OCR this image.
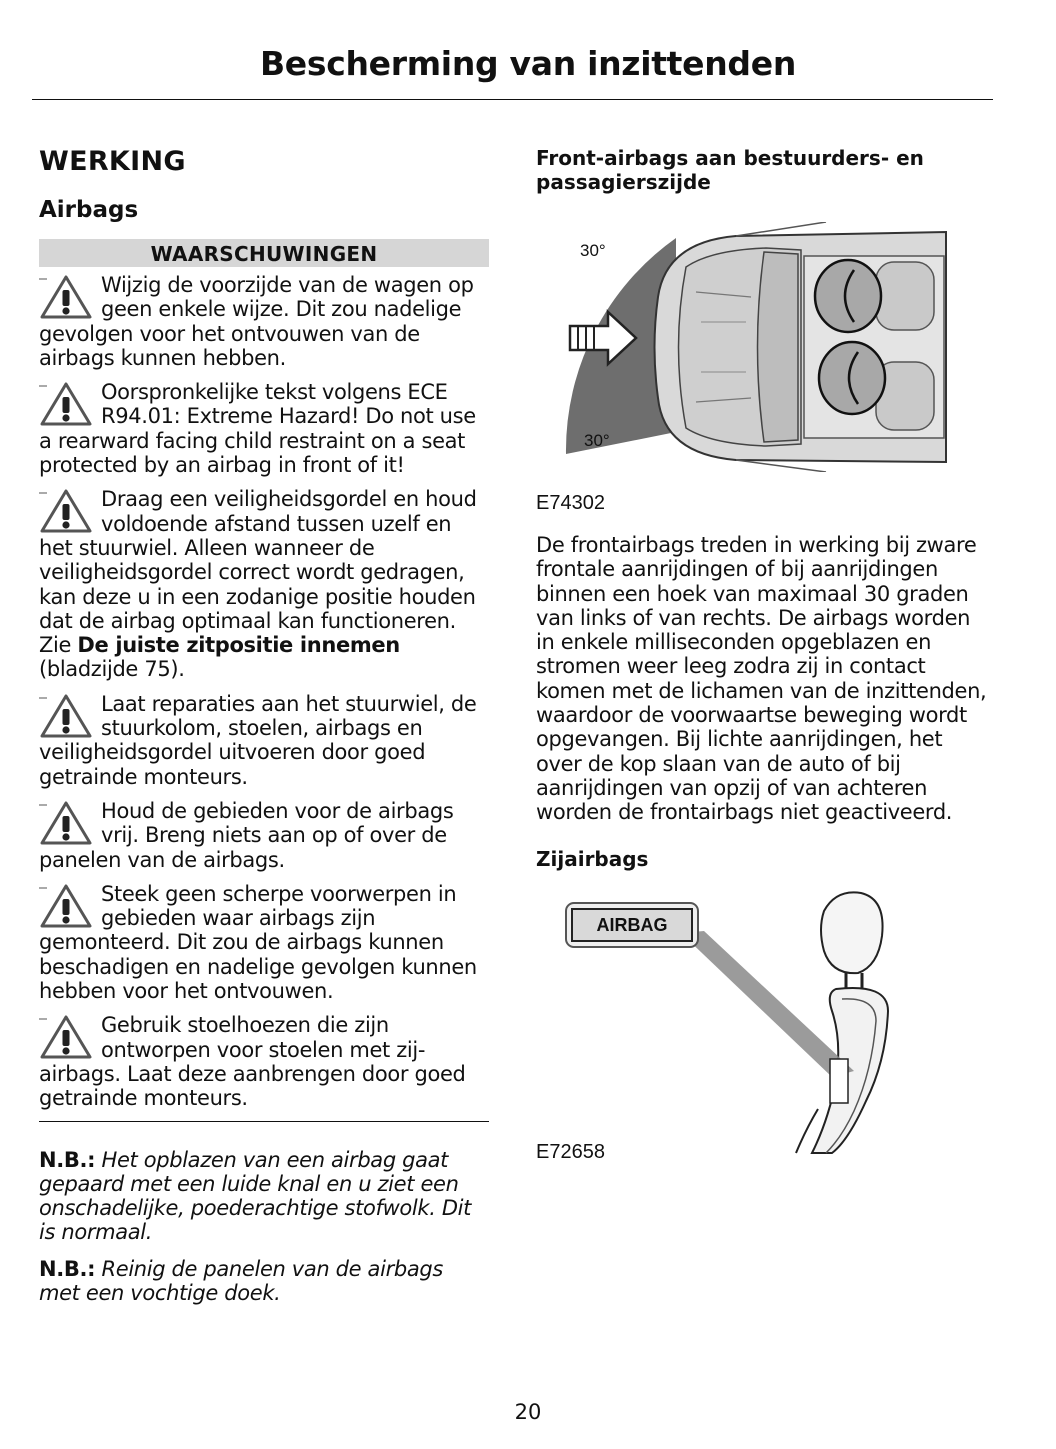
Bescherming van inzittenden
WERKING
Airbags
WAARSCHUWINGEN
Wijzig de voorzijde van de wagen op geen enkele wijze. Dit zou nadelige gevolgen voor het ontvouwen van de airbags kunnen hebben.
Oorspronkelijke tekst volgens ECE R94.01: Extreme Hazard! Do not use a rearward facing child restraint on a seat protected by an airbag in front of it!
Draag een veiligheidsgordel en houd voldoende afstand tussen uzelf en het stuurwiel. Alleen wanneer de veiligheidsgordel correct wordt gedragen, kan deze u in een zodanige positie houden dat de airbag optimaal kan functioneren. Zie De juiste zitpositie innemen (bladzijde 75).
Laat reparaties aan het stuurwiel, de stuurkolom, stoelen, airbags en veiligheidsgordel uitvoeren door goed getrainde monteurs.
Houd de gebieden voor de airbags vrij. Breng niets aan op of over de panelen van de airbags.
Steek geen scherpe voorwerpen in gebieden waar airbags zijn gemonteerd. Dit zou de airbags kunnen beschadigen en nadelige gevolgen kunnen hebben voor het ontvouwen.
Gebruik stoelhoezen die zijn ontworpen voor stoelen met zij-airbags. Laat deze aanbrengen door goed getrainde monteurs.
N.B.: Het opblazen van een airbag gaat gepaard met een luide knal en u ziet een onschadelijke, poederachtige stofwolk. Dit is normaal.
N.B.: Reinig de panelen van de airbags met een vochtige doek.
Front-airbags aan bestuurders- en passagierszijde
30°
30°
E74302
De frontairbags treden in werking bij zware frontale aanrijdingen of bij aanrijdingen binnen een hoek van maximaal 30 graden van links of van rechts. De airbags worden in enkele milliseconden opgeblazen en stromen weer leeg zodra zij in contact komen met de lichamen van de inzittenden, waardoor de voorwaartse beweging wordt opgevangen. Bij lichte aanrijdingen, het over de kop slaan van de auto of bij aanrijdingen van opzij of van achteren worden de frontairbags niet geactiveerd.
Zijairbags
AIRBAG
E72658
20
